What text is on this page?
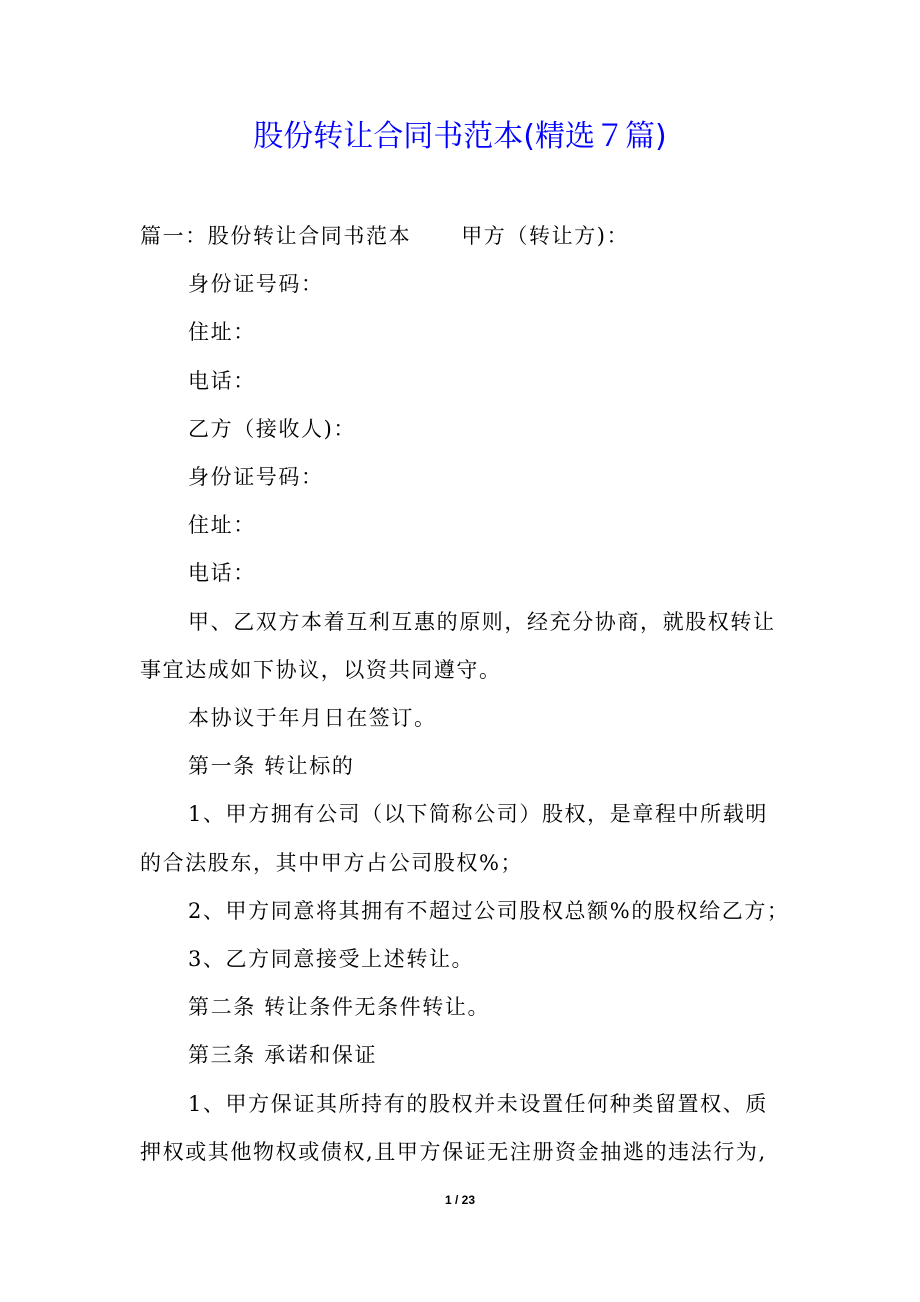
股份转让合同书范本(精选７篇)

篇一：股份转让合同书范本 甲方（转让方)：

身份证号码：

住址：

电话：

乙方（接收人)：

身份证号码：

住址：

电话：

甲、乙双方本着互利互惠的原则，经充分协商，就股权转让

事宜达成如下协议，以资共同遵守。

本协议于年月日在签订。

第一条 转让标的

1、甲方拥有公司（以下简称公司）股权，是章程中所载明

的合法股东，其中甲方占公司股权%；

2、甲方同意将其拥有不超过公司股权总额%的股权给乙方；

3、乙方同意接受上述转让。

第二条 转让条件无条件转让。

第三条 承诺和保证

1、甲方保证其所持有的股权并未设置任何种类留置权、质

押权或其他物权或债权,且甲方保证无注册资金抽逃的违法行为,

1 / 23
